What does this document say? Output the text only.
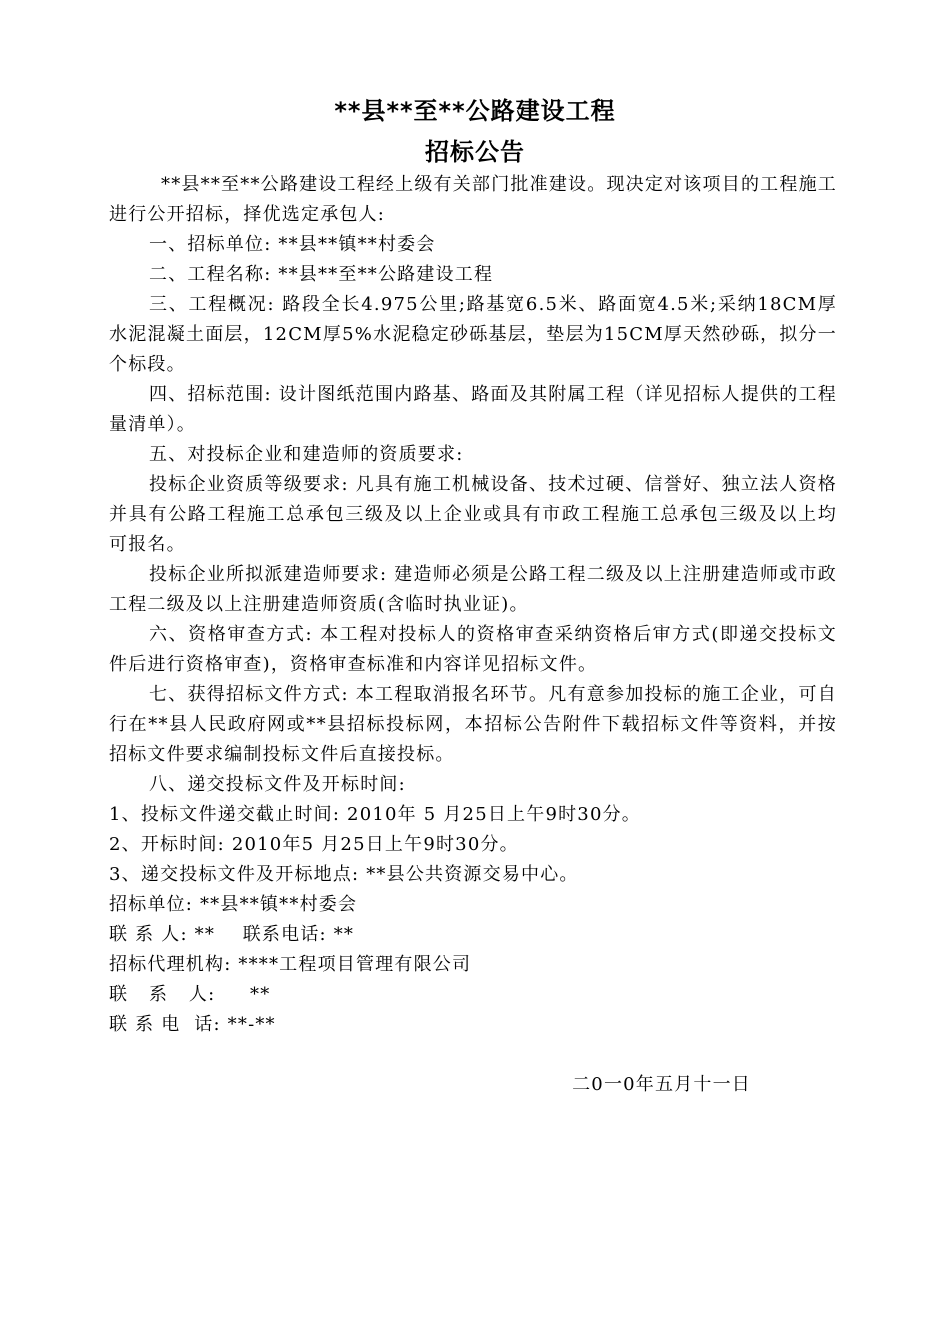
**县**至**公路建设工程
招标公告

**县**至**公路建设工程经上级有关部门批准建设。现决定对该项目的工程施工进行公开招标，择优选定承包人:

一、招标单位: **县**镇**村委会

二、工程名称: **县**至**公路建设工程

三、工程概况: 路段全长4.975公里;路基宽6.5米、路面宽4.5米;采纳18CM厚水泥混凝土面层，12CM厚5%水泥稳定砂砾基层，垫层为15CM厚天然砂砾，拟分一个标段。

四、招标范围: 设计图纸范围内路基、路面及其附属工程（详见招标人提供的工程量清单）。

五、对投标企业和建造师的资质要求:

投标企业资质等级要求: 凡具有施工机械设备、技术过硬、信誉好、独立法人资格并具有公路工程施工总承包三级及以上企业或具有市政工程施工总承包三级及以上均可报名。

投标企业所拟派建造师要求: 建造师必须是公路工程二级及以上注册建造师或市政工程二级及以上注册建造师资质(含临时执业证)。

六、资格审查方式: 本工程对投标人的资格审查采纳资格后审方式(即递交投标文件后进行资格审查)，资格审查标准和内容详见招标文件。

七、获得招标文件方式: 本工程取消报名环节。凡有意参加投标的施工企业，可自行在**县人民政府网或**县招标投标网，本招标公告附件下载招标文件等资料，并按招标文件要求编制投标文件后直接投标。

八、递交投标文件及开标时间:

1、投标文件递交截止时间: 2010年 5 月25日上午9时30分。

2、开标时间: 2010年5 月25日上午9时30分。

3、递交投标文件及开标地点: **县公共资源交易中心。

招标单位: **县**镇**村委会

联 系 人: **    联系电话: **

招标代理机构: ****工程项目管理有限公司

联   系   人:     **

联 系 电  话: **-**

二0一0年五月十一日
